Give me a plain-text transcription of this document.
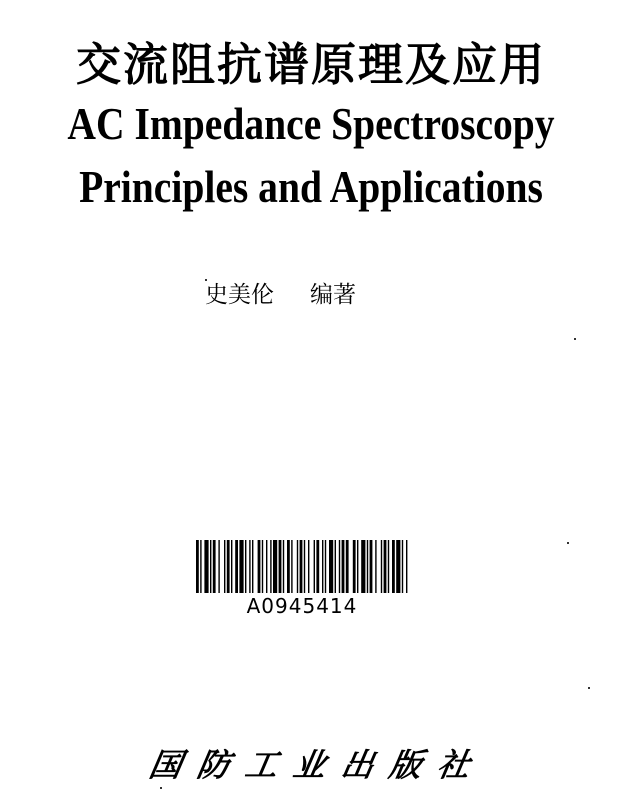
交流阻抗谱原理及应用
AC Impedance Spectroscopy
Principles and Applications
史美伦 编著
A0945414
国防工业出版社
